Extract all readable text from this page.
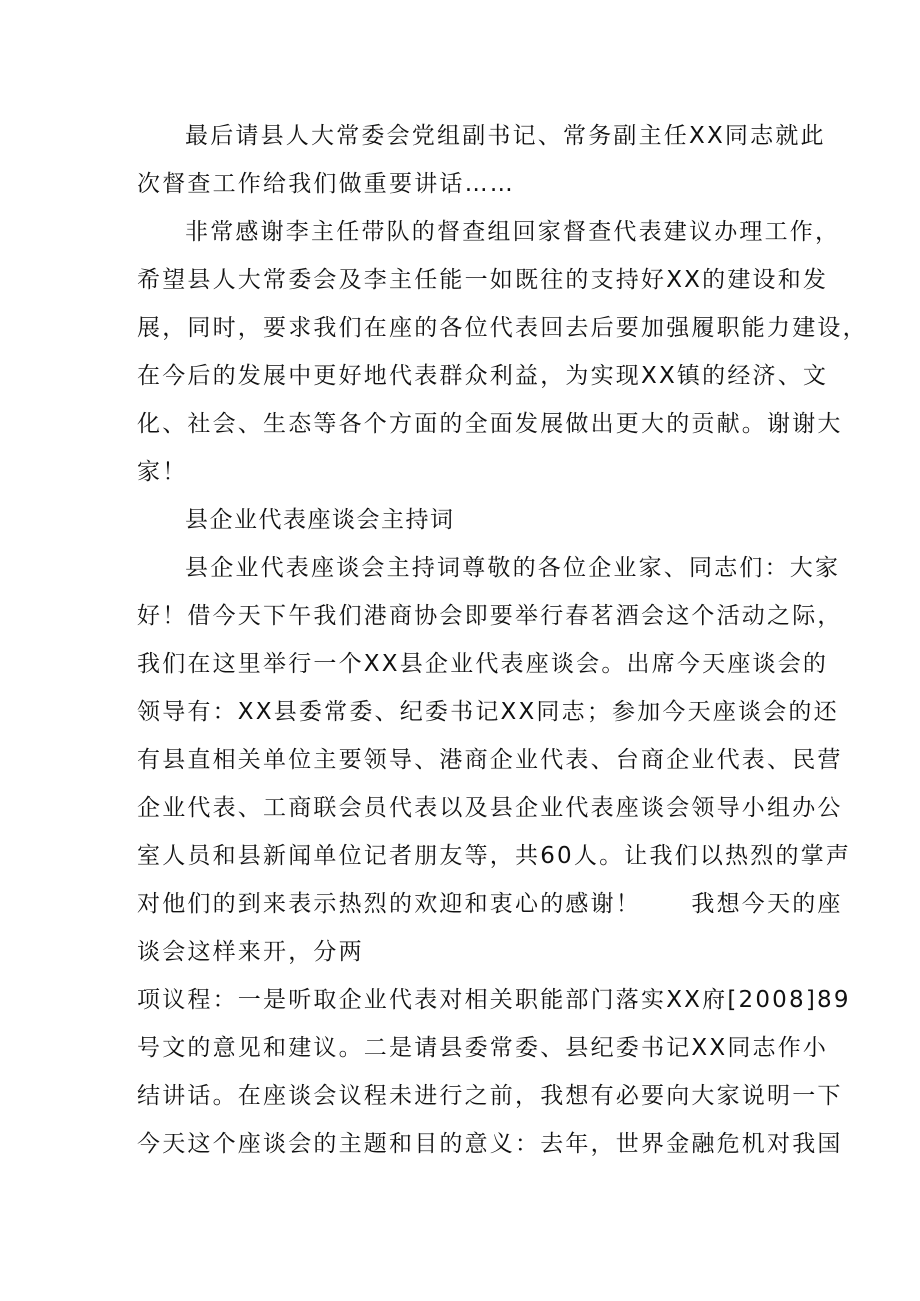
最后请县人大常委会党组副书记、常务副主任XX同志就此
次督查工作给我们做重要讲话……
非常感谢李主任带队的督查组回家督查代表建议办理工作，
希望县人大常委会及李主任能一如既往的支持好XX的建设和发
展，同时，要求我们在座的各位代表回去后要加强履职能力建设，
在今后的发展中更好地代表群众利益，为实现XX镇的经济、文
化、社会、生态等各个方面的全面发展做出更大的贡献。谢谢大
家！
县企业代表座谈会主持词
县企业代表座谈会主持词尊敬的各位企业家、同志们：大家
好！借今天下午我们港商协会即要举行春茗酒会这个活动之际，
我们在这里举行一个XX县企业代表座谈会。出席今天座谈会的
领导有：XX县委常委、纪委书记XX同志；参加今天座谈会的还
有县直相关单位主要领导、港商企业代表、台商企业代表、民营
企业代表、工商联会员代表以及县企业代表座谈会领导小组办公
室人员和县新闻单位记者朋友等，共60人。让我们以热烈的掌声
对他们的到来表示热烈的欢迎和衷心的感谢！　　我想今天的座
谈会这样来开，分两
项议程：一是听取企业代表对相关职能部门落实XX府[2008]89
号文的意见和建议。二是请县委常委、县纪委书记XX同志作小
结讲话。在座谈会议程未进行之前，我想有必要向大家说明一下
今天这个座谈会的主题和目的意义：去年，世界金融危机对我国
